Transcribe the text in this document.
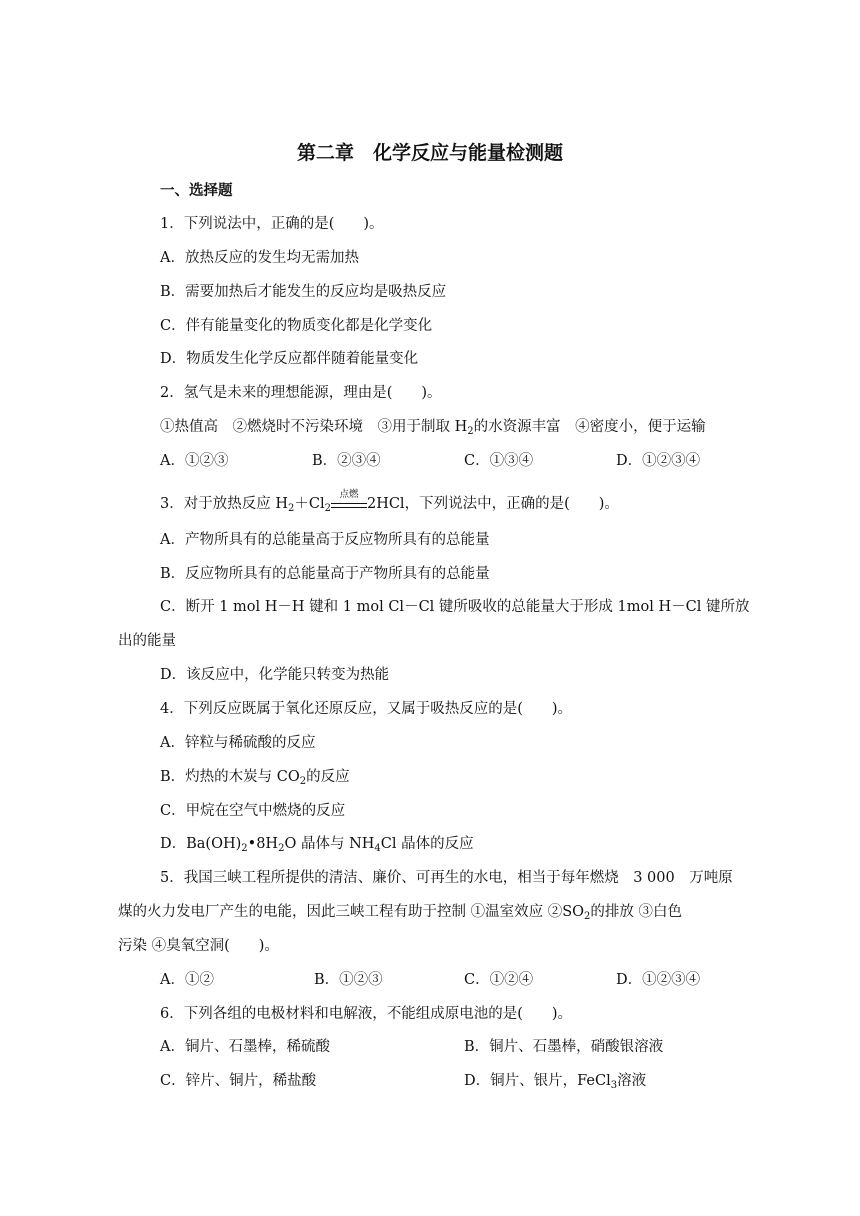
第二章　化学反应与能量检测题
一、选择题
1．下列说法中，正确的是(　　)。
A．放热反应的发生均无需加热
B．需要加热后才能发生的反应均是吸热反应
C．伴有能量变化的物质变化都是化学变化
D．物质发生化学反应都伴随着能量变化
2．氢气是未来的理想能源，理由是(　　)。
①热值高　②燃烧时不污染环境　③用于制取 $H_2$的水资源丰富　④密度小，便于运输
A．①②③	B．②③④	C．①③④	D．①②③④
3．对于放热反应 $H_2+Cl_2$
点燃
2HCl，下列说法中，正确的是(　　)。
A．产物所具有的总能量高于反应物所具有的总能量
B．反应物所具有的总能量高于产物所具有的总能量
C．断开 1 mol H－H 键和 1 mol Cl－Cl 键所吸收的总能量大于形成 1mol H－Cl 键所放
出的能量
D．该反应中，化学能只转变为热能
4．下列反应既属于氧化还原反应，又属于吸热反应的是(　　)。
A．锌粒与稀硫酸的反应
B．灼热的木炭与 $CO_2$的反应
C．甲烷在空气中燃烧的反应
D．$Ba(OH)_2•8H_2O$ 晶体与 $NH_4Cl$ 晶体的反应
5．我国三峡工程所提供的清洁、廉价、可再生的水电，相当于每年燃烧　3 000　万吨原
煤的火力发电厂产生的电能，因此三峡工程有助于控制 ①温室效应 $②SO_2$的排放 ③白色
污染 ④臭氧空洞(　　)。
A．①②	B．①②③	C．①②④	D．①②③④
6．下列各组的电极材料和电解液，不能组成原电池的是(　　)。
A．铜片、石墨棒，稀硫酸	B．铜片、石墨棒，硝酸银溶液
C．锌片、铜片，稀盐酸	D．铜片、银片，FeCl$_3$溶液
